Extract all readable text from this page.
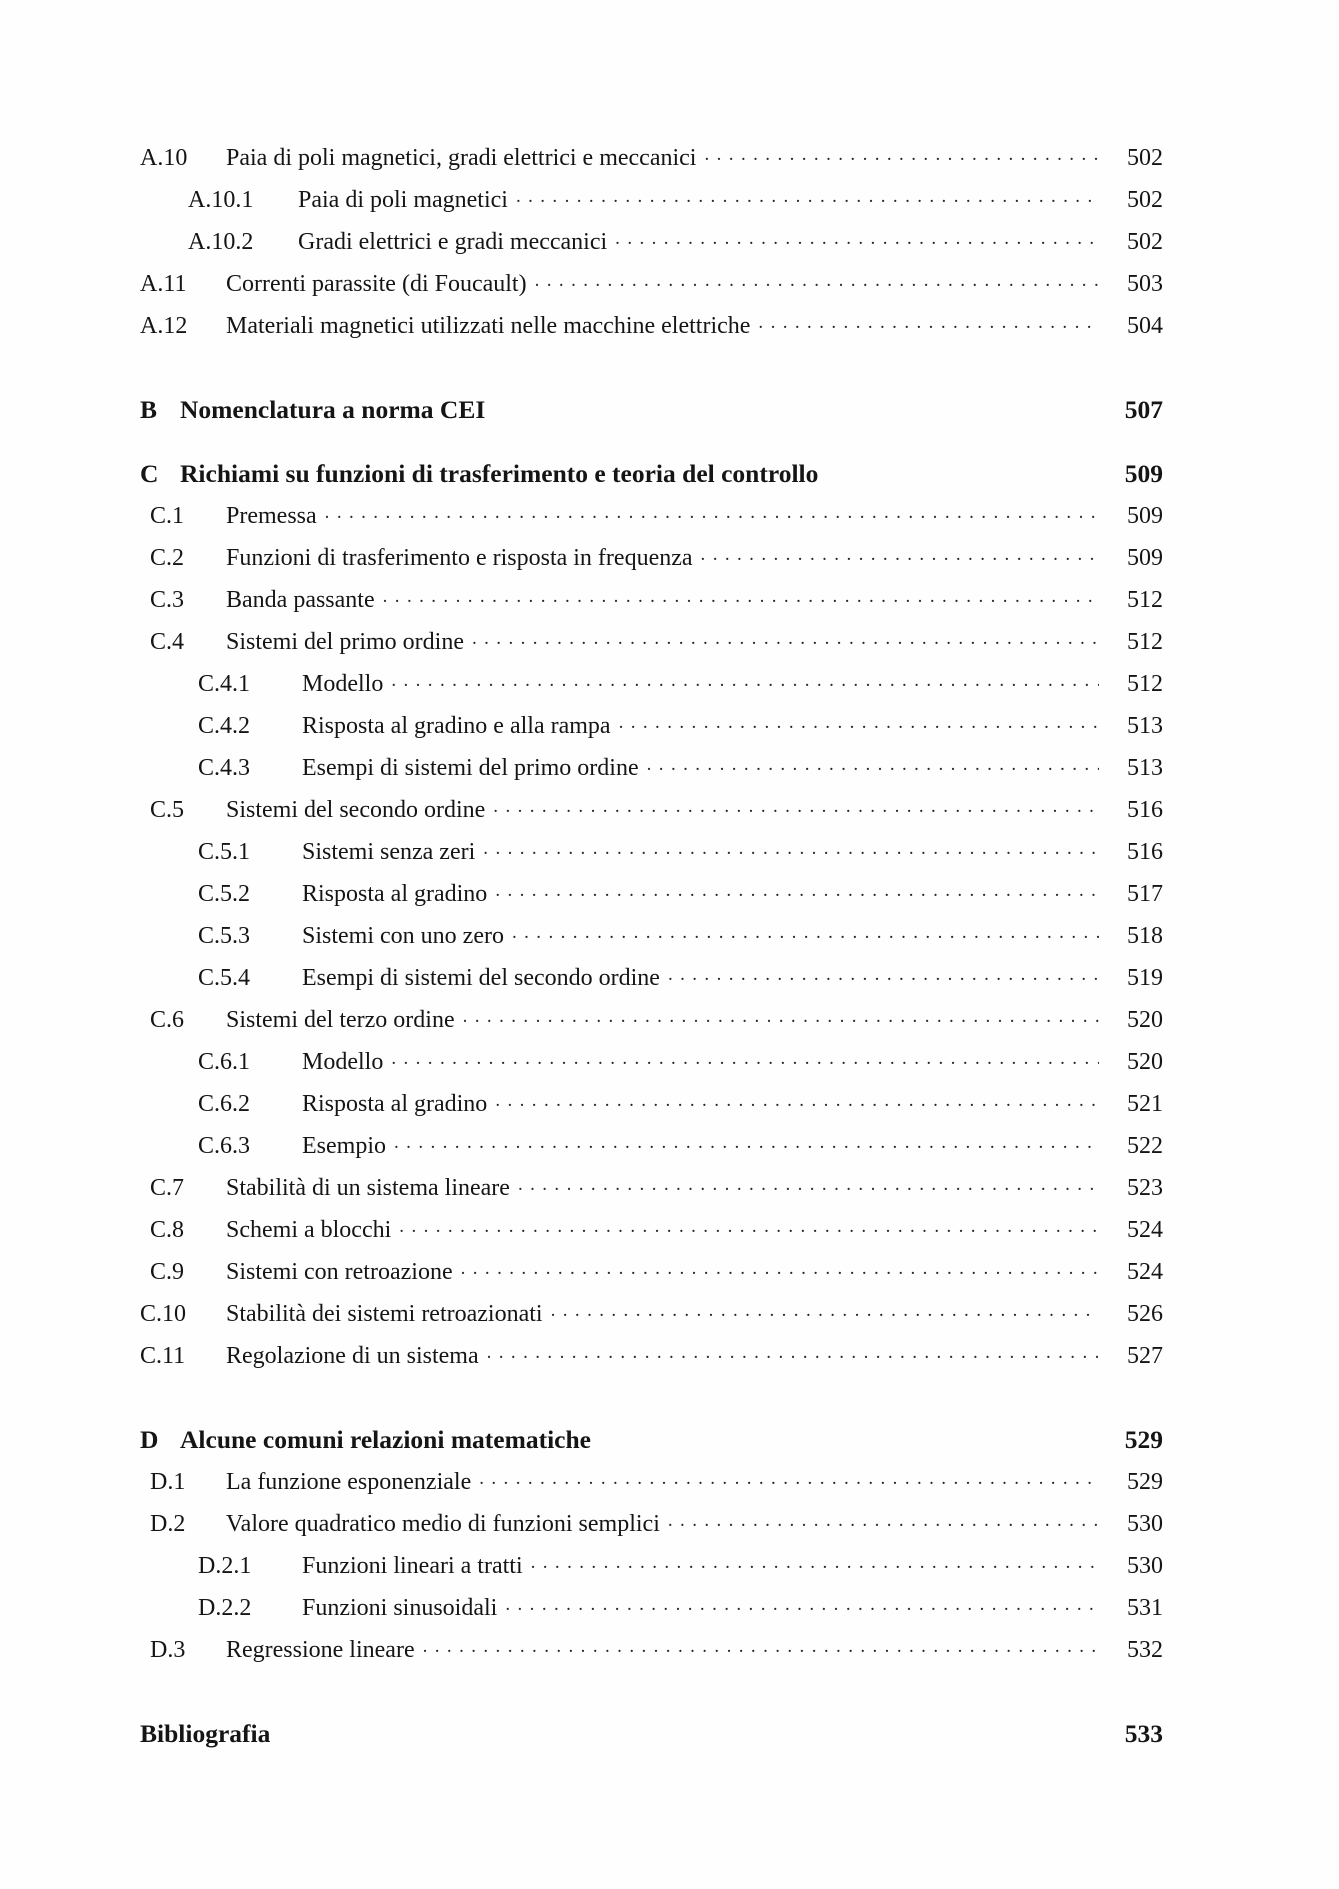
A.10	Paia di poli magnetici, gradi elettrici e meccanici . . .	502
A.10.1	Paia di poli magnetici . . .	502
A.10.2	Gradi elettrici e gradi meccanici . . .	502
A.11	Correnti parassite (di Foucault) . . .	503
A.12	Materiali magnetici utilizzati nelle macchine elettriche . . .	504
B Nomenclatura a norma CEI	507
C Richiami su funzioni di trasferimento e teoria del controllo	509
C.1	Premessa . . .	509
C.2	Funzioni di trasferimento e risposta in frequenza . . .	509
C.3	Banda passante . . .	512
C.4	Sistemi del primo ordine . . .	512
C.4.1	Modello . . .	512
C.4.2	Risposta al gradino e alla rampa . . .	513
C.4.3	Esempi di sistemi del primo ordine . . .	513
C.5	Sistemi del secondo ordine . . .	516
C.5.1	Sistemi senza zeri . . .	516
C.5.2	Risposta al gradino . . .	517
C.5.3	Sistemi con uno zero . . .	518
C.5.4	Esempi di sistemi del secondo ordine . . .	519
C.6	Sistemi del terzo ordine . . .	520
C.6.1	Modello . . .	520
C.6.2	Risposta al gradino . . .	521
C.6.3	Esempio . . .	522
C.7	Stabilità di un sistema lineare . . .	523
C.8	Schemi a blocchi . . .	524
C.9	Sistemi con retroazione . . .	524
C.10	Stabilità dei sistemi retroazionati . . .	526
C.11	Regolazione di un sistema . . .	527
D Alcune comuni relazioni matematiche	529
D.1	La funzione esponenziale . . .	529
D.2	Valore quadratico medio di funzioni semplici . . .	530
D.2.1	Funzioni lineari a tratti . . .	530
D.2.2	Funzioni sinusoidali . . .	531
D.3	Regressione lineare . . .	532
Bibliografia	533
